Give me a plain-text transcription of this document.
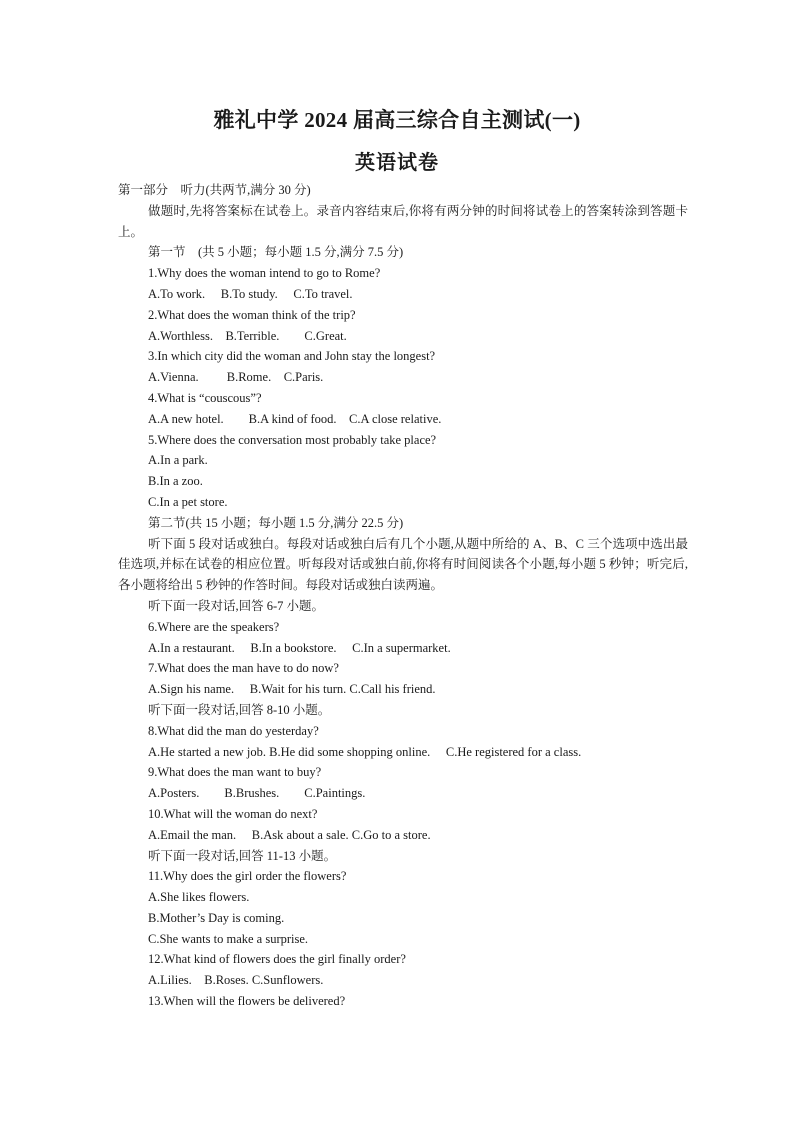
雅礼中学 2024 届高三综合自主测试(一)
英语试卷

第一部分　听力(共两节,满分 30 分)

做题时,先将答案标在试卷上。录音内容结束后,你将有两分钟的时间将试卷上的答案转涂到答题卡上。

第一节　(共 5 小题；每小题 1.5 分,满分 7.5 分)

1.Why does the woman intend to go to Rome?

A.To work.　 B.To study.　 C.To travel.

2.What does the woman think of the trip?

A.Worthless.　B.Terrible.　　C.Great.

3.In which city did the woman and John stay the longest?

A.Vienna.　　 B.Rome.　C.Paris.

4.What is “couscous”?

A.A new hotel.　　B.A kind of food.　C.A close relative.

5.Where does the conversation most probably take place?

A.In a park.

B.In a zoo.

C.In a pet store.

第二节(共 15 小题；每小题 1.5 分,满分 22.5 分)

听下面 5 段对话或独白。每段对话或独白后有几个小题,从题中所给的 A、B、C 三个选项中选出最佳选项,并标在试卷的相应位置。听每段对话或独白前,你将有时间阅读各个小题,每小题 5 秒钟；听完后,各小题将给出 5 秒钟的作答时间。每段对话或独白读两遍。

听下面一段对话,回答 6-7 小题。

6.Where are the speakers?

A.In a restaurant.　 B.In a bookstore.　 C.In a supermarket.

7.What does the man have to do now?

A.Sign his name.　 B.Wait for his turn. C.Call his friend.

听下面一段对话,回答 8-10 小题。

8.What did the man do yesterday?

A.He started a new job. B.He did some shopping online.　 C.He registered for a class.

9.What does the man want to buy?

A.Posters.　　B.Brushes.　　C.Paintings.

10.What will the woman do next?

A.Email the man.　 B.Ask about a sale. C.Go to a store.

听下面一段对话,回答 11-13 小题。

11.Why does the girl order the flowers?

A.She likes flowers.

B.Mother’s Day is coming.

C.She wants to make a surprise.

12.What kind of flowers does the girl finally order?

A.Lilies.　B.Roses. C.Sunflowers.

13.When will the flowers be delivered?
